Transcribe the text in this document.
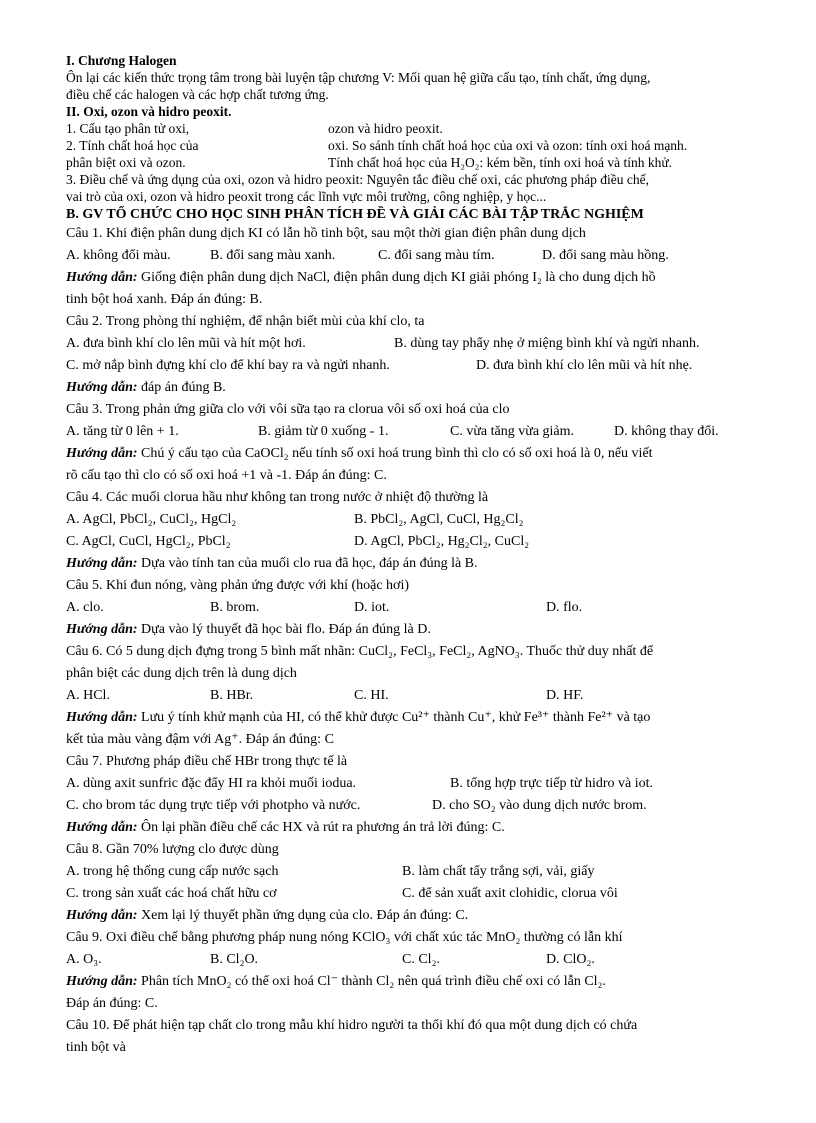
I. Chương Halogen

Ôn lại các kiến thức trọng tâm trong bài luyện tập chương V: Mối quan hệ giữa cấu tạo, tính chất, ứng dụng,

điều chế các halogen và các hợp chất tương ứng.

II. Oxi, ozon và hidro peoxit.

1. Cấu tạo phân tử oxi,	ozon và hidro peoxit.

2. Tính chất hoá học của	oxi. So sánh tính chất hoá học của oxi và ozon: tính oxi hoá mạnh.

phân biệt oxi và ozon.	Tính chất hoá học của H₂O₂: kém bền, tính oxi hoá và tính khử.

3. Điều chế và ứng dụng của oxi, ozon và hidro peoxit: Nguyên tắc điều chế oxi, các phương pháp điều chế,

vai trò của oxi, ozon và hidro peoxit trong các lĩnh vực môi trường, công nghiệp, y học...

B. GV TỔ CHỨC CHO HỌC SINH PHÂN TÍCH ĐỀ VÀ GIẢI CÁC BÀI TẬP TRẮC NGHIỆM

Câu 1. Khi điện phân dung dịch KI có lẫn hồ tinh bột, sau một thời gian điện phân dung dịch

A. không đổi màu.	B. đổi sang màu xanh.	C. đổi sang màu tím.	D. đổi sang màu hồng.

Hướng dẫn: Giống điện phân dung dịch NaCl, điện phân dung dịch KI giải phóng I₂ là cho dung dịch hồ

tinh bột hoá xanh. Đáp án đúng: B.

Câu 2. Trong phòng thí nghiệm, để nhận biết mùi của khí clo, ta

A. đưa bình khí clo lên mũi và hít một hơi.	B. dùng tay phẩy nhẹ ở miệng bình khí và ngửi nhanh.

C. mở nắp bình đựng khí clo để khí bay ra và ngửi nhanh.	D. đưa bình khí clo lên mũi và hít nhẹ.

Hướng dẫn: đáp án đúng B.

Câu 3. Trong phản ứng giữa clo với vôi sữa tạo ra clorua vôi số oxi hoá của clo

A. tăng từ 0 lên + 1.	B. giảm từ 0 xuống - 1.	C. vừa tăng vừa giảm.	D. không thay đổi.

Hướng dẫn: Chú ý cấu tạo của CaOCl₂ nếu tính số oxi hoá trung bình thì clo có số oxi hoá là 0, nếu viết

rõ cấu tạo thì clo có số oxi hoá +1 và -1. Đáp án đúng: C.

Câu 4. Các muối clorua hầu như không tan trong nước ở nhiệt độ thường là

A. AgCl, PbCl₂, CuCl₂, HgCl₂	B. PbCl₂, AgCl, CuCl, Hg₂Cl₂

C. AgCl, CuCl, HgCl₂, PbCl₂	D. AgCl, PbCl₂, Hg₂Cl₂, CuCl₂

Hướng dẫn: Dựa vào tính tan của muối clo rua đã học, đáp án đúng là B.

Câu 5. Khi đun nóng, vàng phản ứng được với khí (hoặc hơi)

A. clo.	B. brom.	D. iot.	D. flo.

Hướng dẫn: Dựa vào lý thuyết đã học bài flo. Đáp án đúng là D.

Câu 6. Có 5 dung dịch đựng trong 5 bình mất nhãn: CuCl₂, FeCl₃, FeCl₂, AgNO₃. Thuốc thử duy nhất để

phân biệt các dung dịch trên là dung dịch

A. HCl.	B. HBr.	C. HI.	D. HF.

Hướng dẫn: Lưu ý tính khử mạnh của HI, có thể khử được Cu²⁺ thành Cu⁺, khử Fe³⁺ thành Fe²⁺ và tạo

kết tủa màu vàng đậm với Ag⁺. Đáp án đúng: C

Câu 7. Phương pháp điều chế HBr trong thực tế là

A. dùng axit sunfric đặc đẩy HI ra khỏi muối iodua.	B. tổng hợp trực tiếp từ hidro và iot.

C. cho brom tác dụng trực tiếp với photpho và nước.	D. cho SO₂ vào dung dịch nước brom.

Hướng dẫn: Ôn lại phần điều chế các HX và rút ra phương án trả lời đúng: C.

Câu 8. Gần 70% lượng clo được dùng

A. trong hệ thống cung cấp nước sạch	B. làm chất tẩy trắng sợi, vải, giấy

C. trong sản xuất các hoá chất hữu cơ	C. để sản xuất axit clohidic, clorua vôi

Hướng dẫn: Xem lại lý thuyết phần ứng dụng của clo. Đáp án đúng: C.

Câu 9. Oxi điều chế bằng phương pháp nung nóng KClO₃ với chất xúc tác MnO₂ thường có lẫn khí

A. O₃.	B. Cl₂O.	C. Cl₂.	D. ClO₂.

Hướng dẫn: Phân tích MnO₂ có thể oxi hoá Cl⁻ thành Cl₂ nên quá trình điều chế oxi có lẫn Cl₂.

Đáp án đúng: C.

Câu 10. Để phát hiện tạp chất clo trong mẫu khí hidro người ta thổi khí đó qua một dung dịch có chứa

tinh bột và
